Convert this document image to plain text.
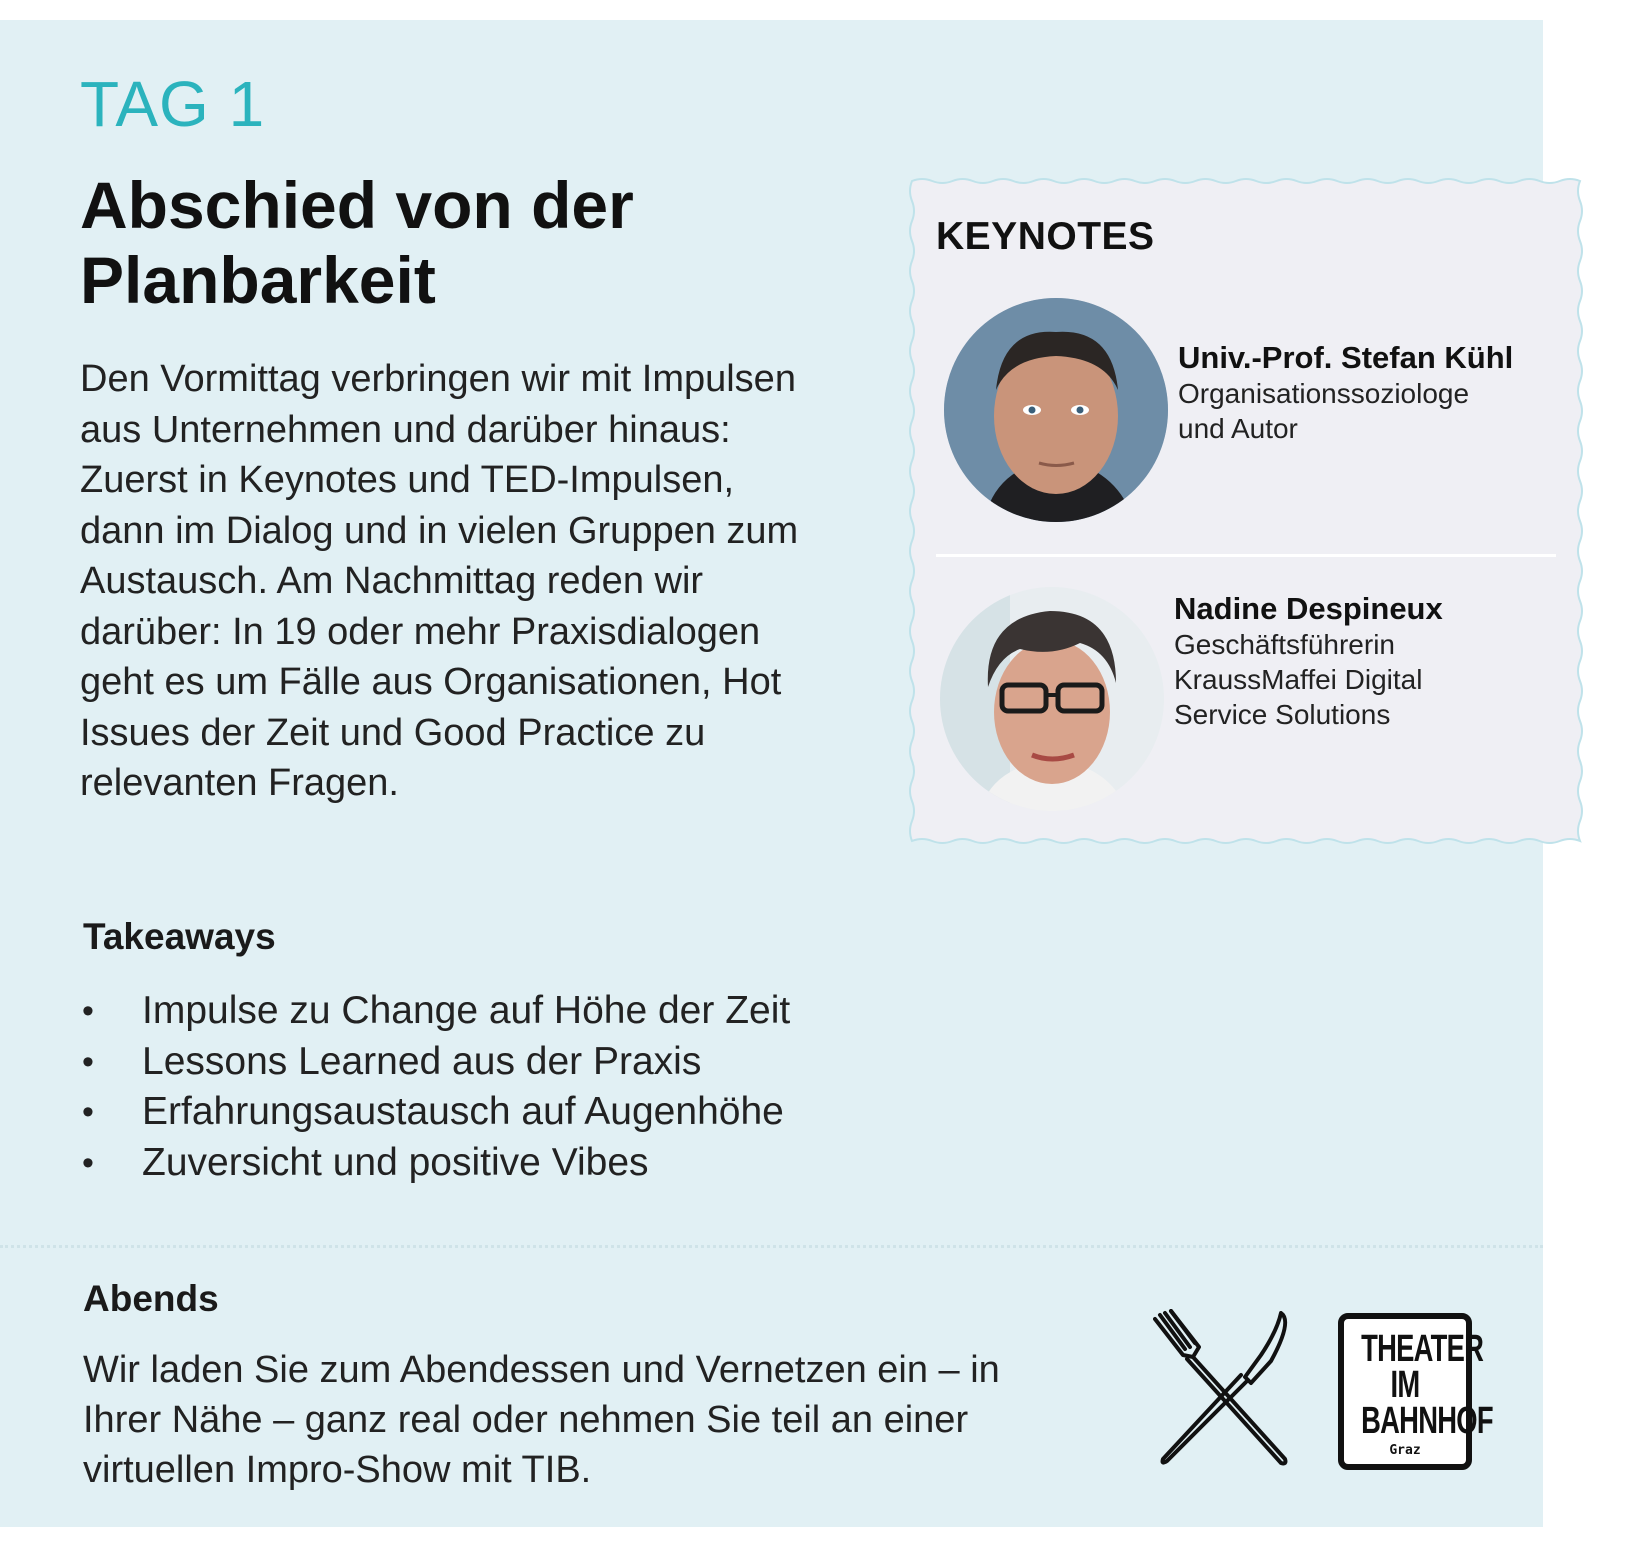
TAG 1
Abschied von der Planbarkeit

Den Vormittag verbringen wir mit Impulsen aus Unternehmen und darüber hinaus: Zuerst in Keynotes und TED-Impulsen, dann im Dialog und in vielen Gruppen zum Austausch. Am Nachmittag reden wir darüber: In 19 oder mehr Praxisdialogen geht es um Fälle aus Organisationen, Hot Issues der Zeit und Good Practice zu relevanten Fragen.

Takeaways
• Impulse zu Change auf Höhe der Zeit
• Lessons Learned aus der Praxis
• Erfahrungsaustausch auf Augenhöhe
• Zuversicht und positive Vibes
KEYNOTES

Univ.-Prof. Stefan Kühl

Organisationssoziologe
und Autor

Nadine Despineux

Geschäftsführerin
KraussMaffei Digital
Service Solutions

Abends

Wir laden Sie zum Abendessen und Vernetzen ein – in Ihrer Nähe – ganz real oder nehmen Sie teil an einer virtuellen Impro-Show mit TIB.

THEATER
IM
BAHNHOF
Graz
